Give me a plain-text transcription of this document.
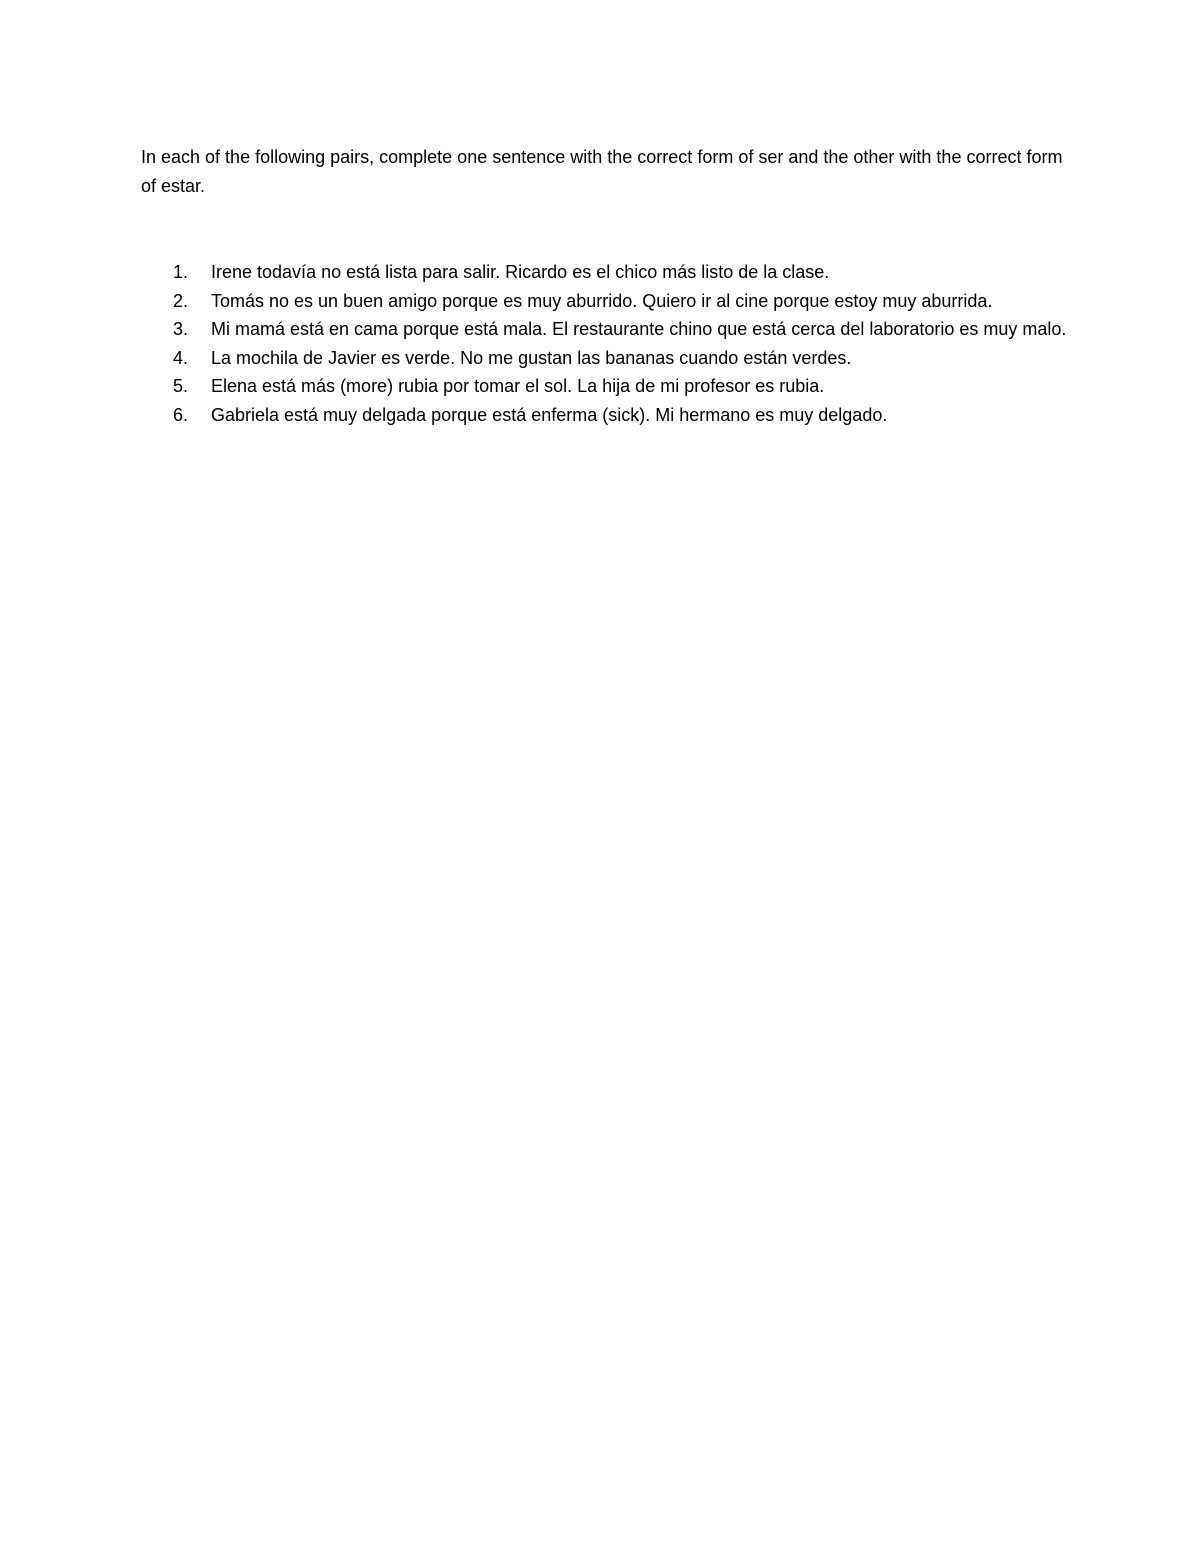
In each of the following pairs, complete one sentence with the correct form of ser and the other with the correct form of estar.

1.	Irene todavía no está lista para salir. Ricardo es el chico más listo de la clase.
2.	Tomás no es un buen amigo porque es muy aburrido. Quiero ir al cine porque estoy muy aburrida.
3.	Mi mamá está en cama porque está mala. El restaurante chino que está cerca del laboratorio es muy malo.
4.	La mochila de Javier es verde. No me gustan las bananas cuando están verdes.
5.	Elena está más (more) rubia por tomar el sol. La hija de mi profesor es rubia.
6.	Gabriela está muy delgada porque está enferma (sick). Mi hermano es muy delgado.
